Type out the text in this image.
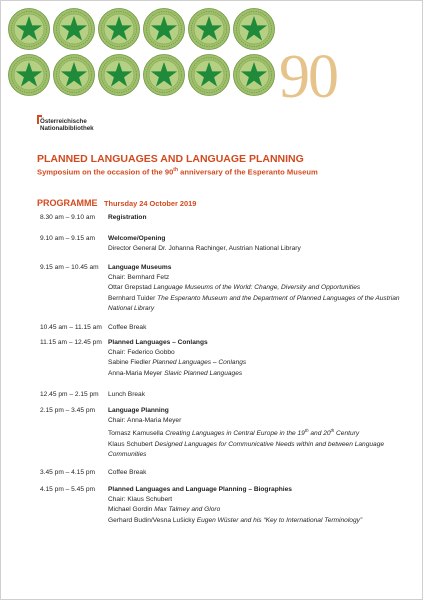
90
Österreichische
Nationalbibliothek
PLANNED LANGUAGES AND LANGUAGE PLANNING
Symposium on the occasion of the 90th anniversary of the Esperanto Museum
PROGRAMME Thursday 24 October 2019
8.30 am – 9.10 am Registration
9.10 am – 9.15 am Welcome/Opening
Director General Dr. Johanna Rachinger, Austrian National Library
9.15 am – 10.45 am Language Museums
Chair: Bernhard Fetz
Ottar Grepstad Language Museums of the World: Change, Diversity and Opportunities
Bernhard Tuider The Esperanto Museum and the Department of Planned Languages of the Austrian National Library
10.45 am – 11.15 am Coffee Break
11.15 am – 12.45 pm Planned Languages – Conlangs
Chair: Federico Gobbo
Sabine Fiedler Planned Languages – Conlangs
Anna-Maria Meyer Slavic Planned Languages
12.45 pm – 2.15 pm Lunch Break
2.15 pm – 3.45 pm Language Planning
Chair: Anna-Maria Meyer
Tomasz Kamusella Creating Languages in Central Europe in the 19th and 20th Century
Klaus Schubert Designed Languages for Communicative Needs within and between Language Communities
3.45 pm – 4.15 pm Coffee Break
4.15 pm – 5.45 pm Planned Languages and Language Planning – Biographies
Chair: Klaus Schubert
Michael Gordin Max Talmey and Gloro
Gerhard Budin/Vesna Lušicky Eugen Wüster and his “Key to International Terminology”
